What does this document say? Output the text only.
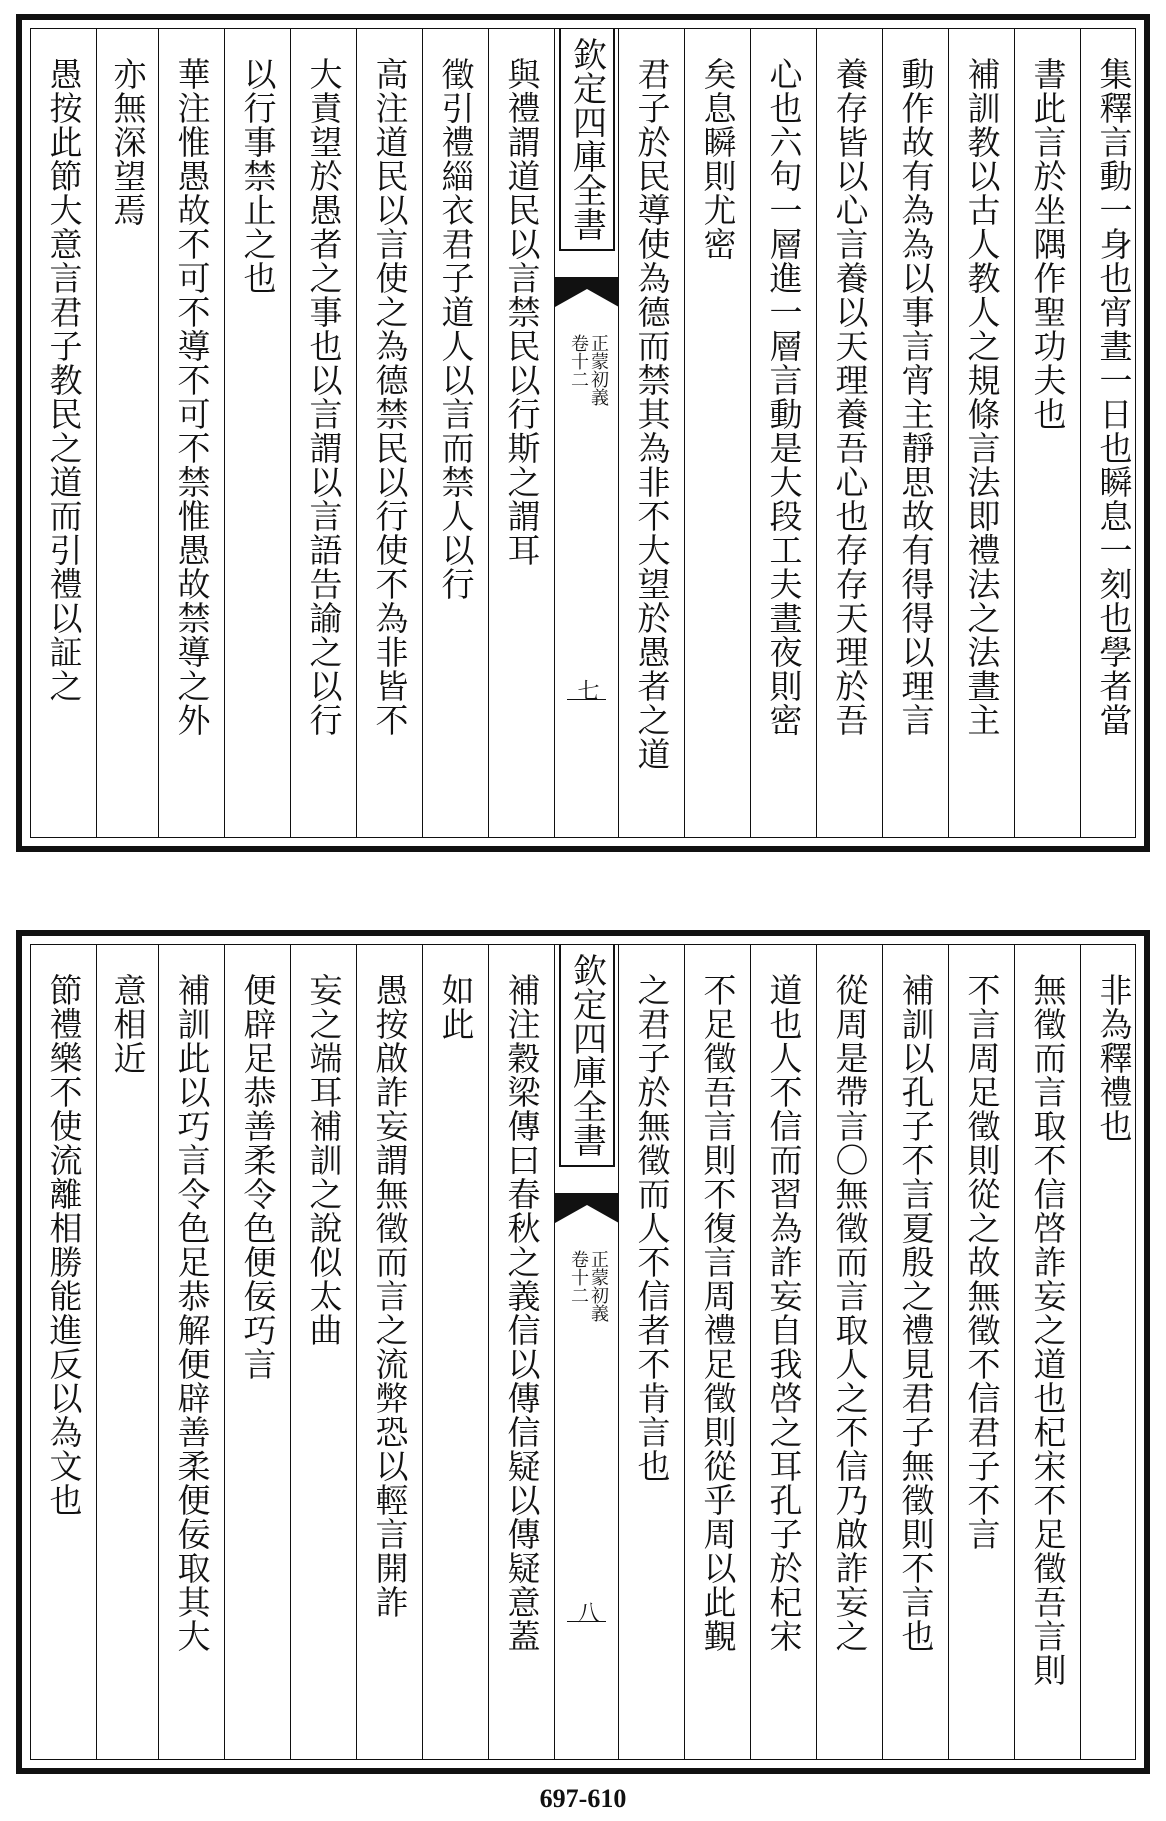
愚按此節大意言君子教民之道而引禮以証之 亦無深望焉 華注惟愚故不可不導不可不禁惟愚故禁導之外 以行事禁止之也 大責望於愚者之事也以言謂以言語告諭之以行 高注道民以言使之為德禁民以行使不為非皆不 徵引禮緇衣君子道人以言而禁人以行 與禮謂道民以言禁民以行斯之謂耳 欽定四庫全書
正蒙初義
卷十二
七 君子於民導使為德而禁其為非不大望於愚者之道 矣息瞬則尤密 心也六句一層進一層言動是大段工夫晝夜則密 養存皆以心言養以天理養吾心也存存天理於吾 動作故有為為以事言宵主靜思故有得得以理言 補訓教以古人教人之規條言法即禮法之法晝主 書此言於坐隅作聖功夫也 集釋言動一身也宵晝一日也瞬息一刻也學者當
節禮樂不使流離相勝能進反以為文也 意相近 補訓此以巧言令色足恭解便辟善柔便佞取其大 便辟足恭善柔令色便佞巧言 妄之端耳補訓之說似太曲 愚按啟詐妄謂無徵而言之流弊恐以輕言開詐 如此 補注穀梁傳曰春秋之義信以傳信疑以傳疑意蓋 欽定四庫全書
正蒙初義
卷十二
八
之君子於無徵而人不信者不肯言也 不足徵吾言則不復言周禮足徵則從乎周以此覲 道也人不信而習為詐妄自我啓之耳孔子於杞宋 從周是帶言〇無徵而言取人之不信乃啟詐妄之 補訓以孔子不言夏殷之禮見君子無徵則不言也 不言周足徵則從之故無徵不信君子不言 無徵而言取不信啓詐妄之道也杞宋不足徵吾言則 非為釋禮也
697-610
